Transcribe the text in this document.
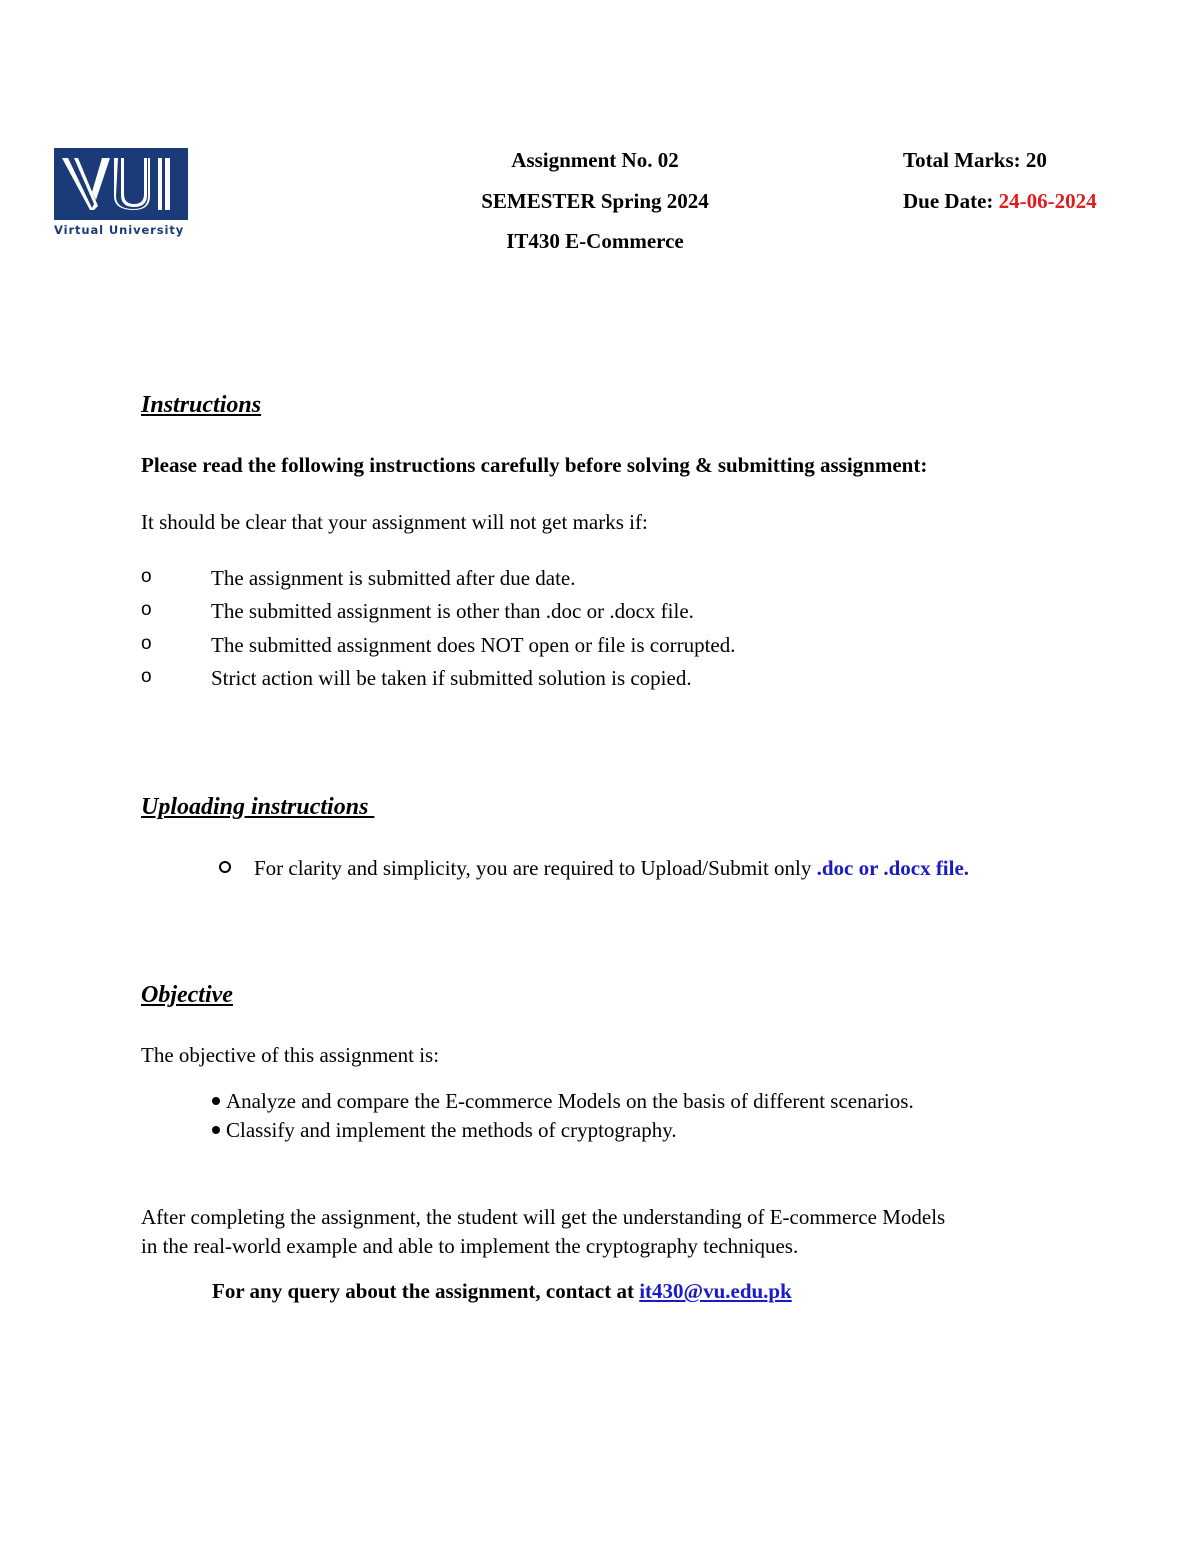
Virtual University
Assignment No. 02
SEMESTER Spring 2024
IT430 E-Commerce
Total Marks: 20
Due Date: 24-06-2024
Instructions
Please read the following instructions carefully before solving & submitting assignment:
It should be clear that your assignment will not get marks if:
o	The assignment is submitted after due date.
o	The submitted assignment is other than .doc or .docx file.
o	The submitted assignment does NOT open or file is corrupted.
o	Strict action will be taken if submitted solution is copied.
Uploading instructions
For clarity and simplicity, you are required to Upload/Submit only .doc or .docx file.
Objective
The objective of this assignment is:
Analyze and compare the E-commerce Models on the basis of different scenarios.
Classify and implement the methods of cryptography.
After completing the assignment, the student will get the understanding of E-commerce Models
in the real-world example and able to implement the cryptography techniques.
For any query about the assignment, contact at it430@vu.edu.pk
